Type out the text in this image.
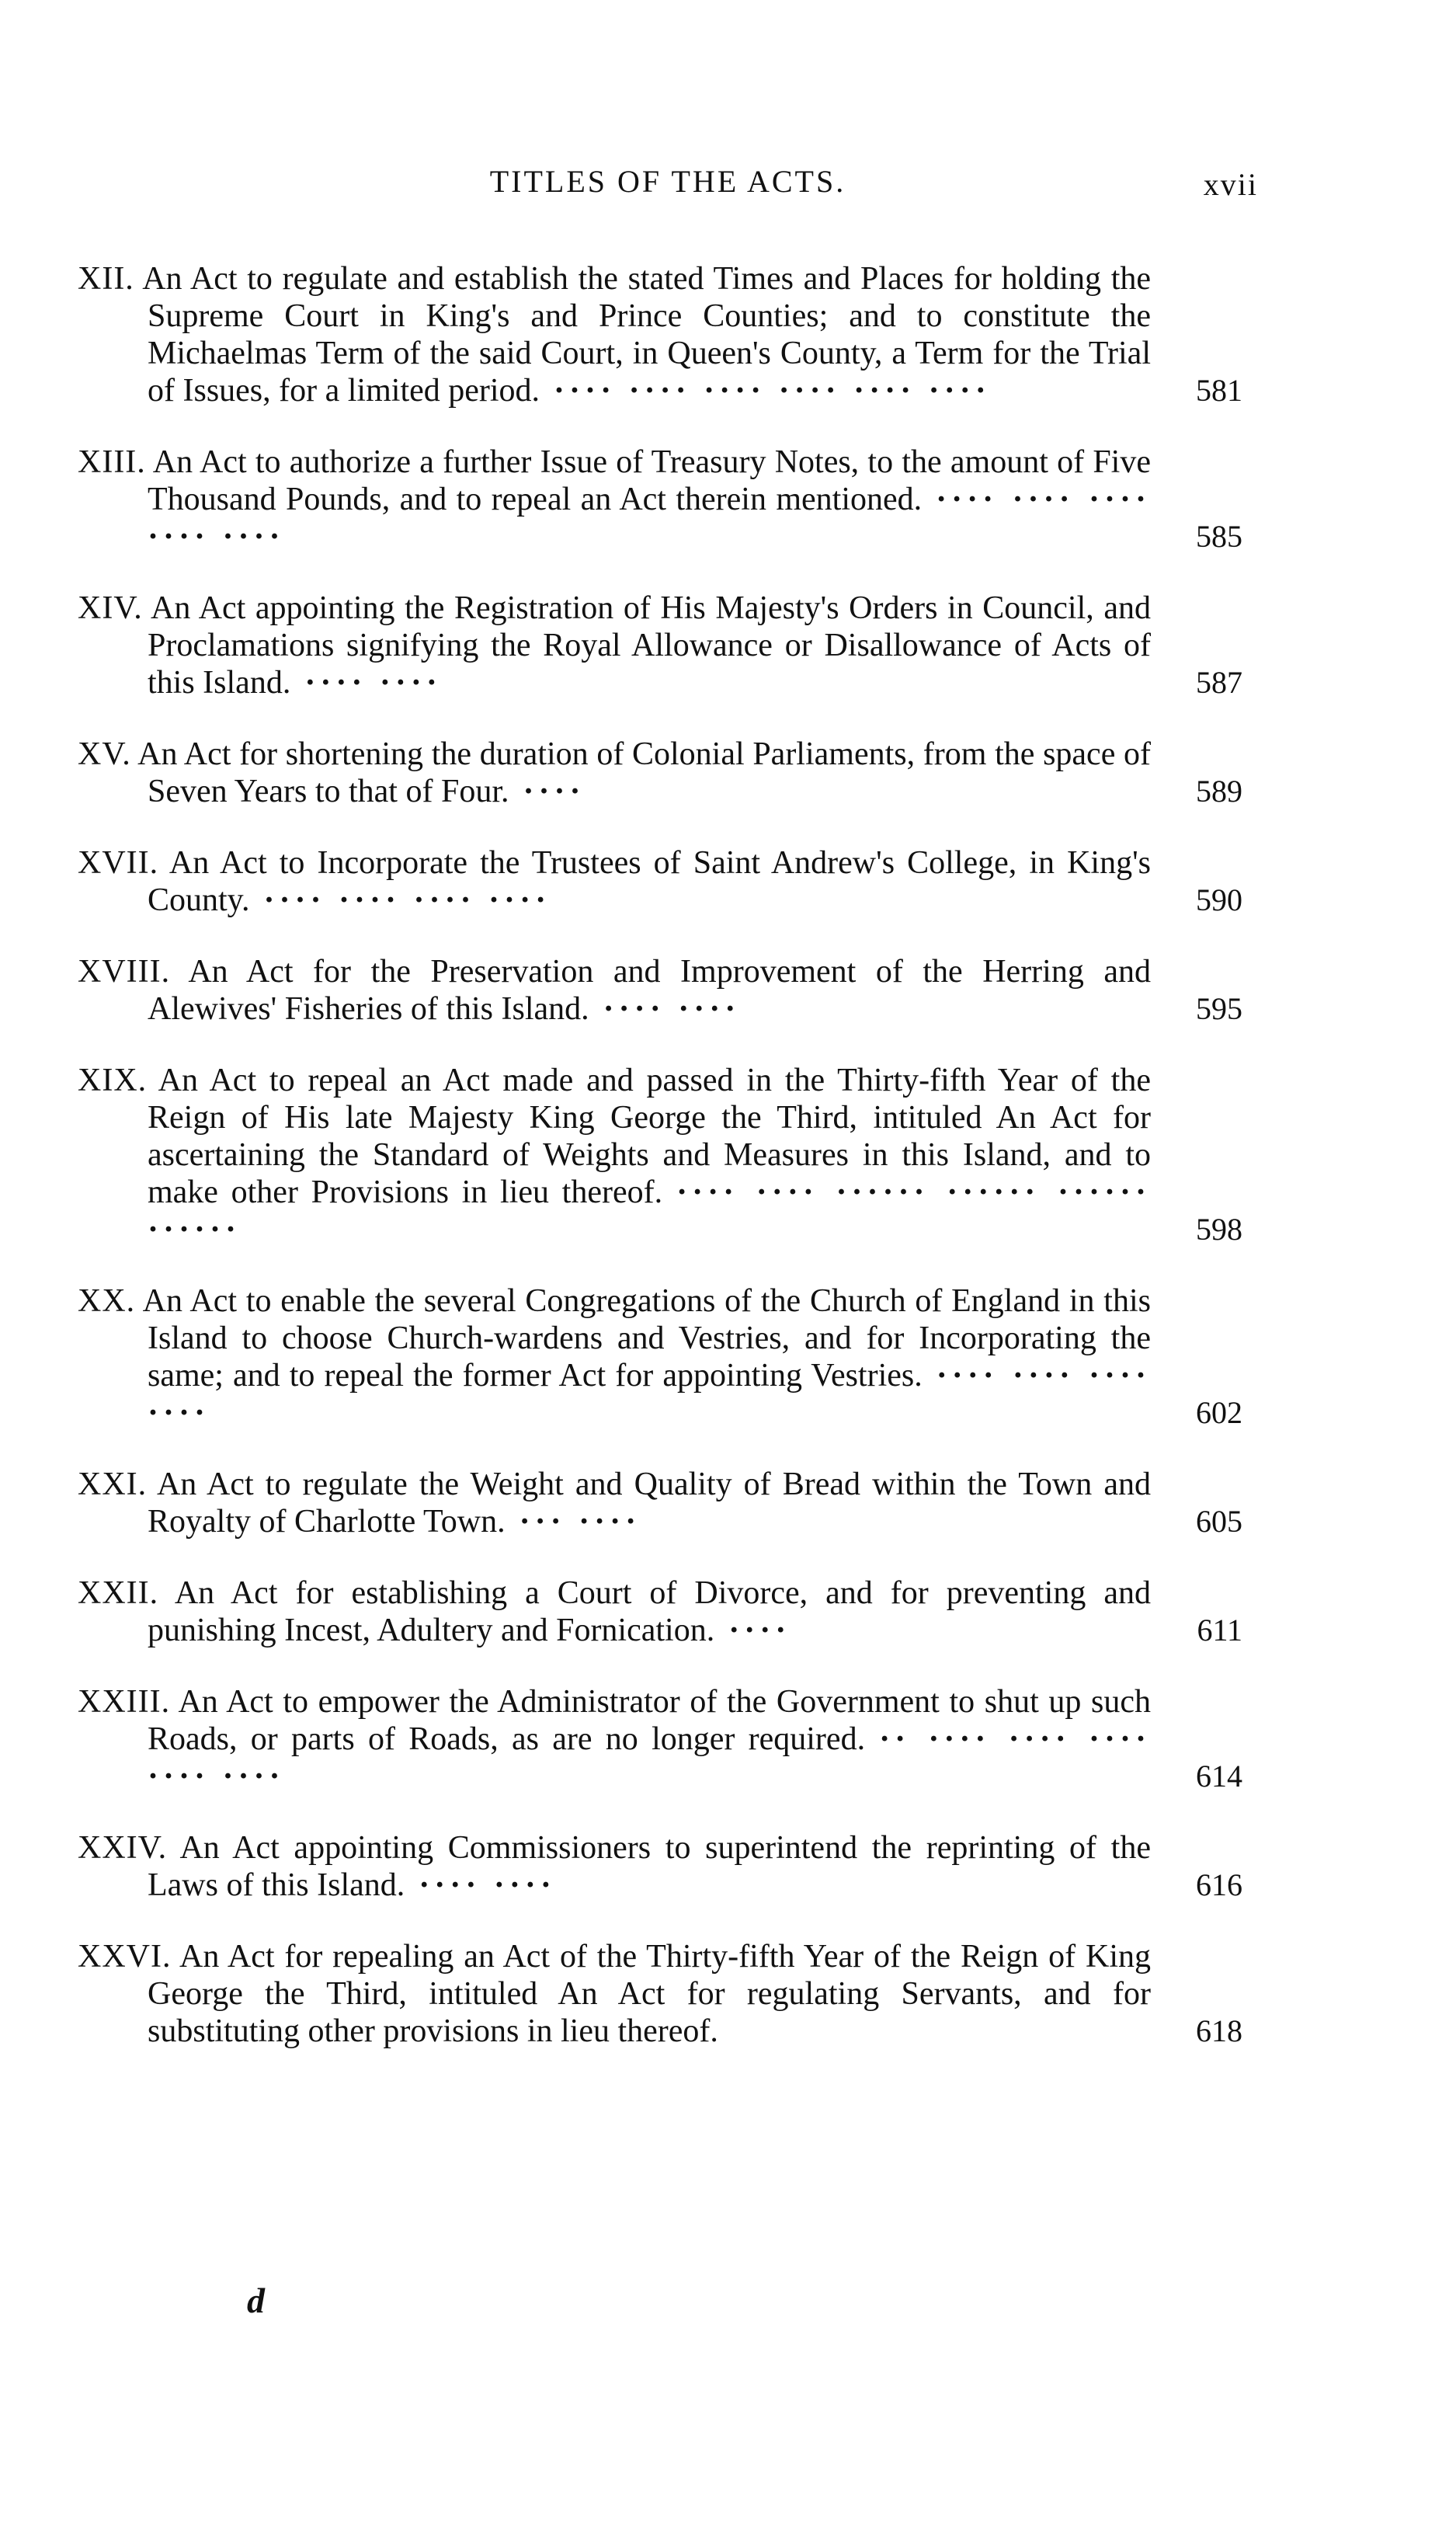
TITLES OF THE ACTS.	xvii
XII. An Act to regulate and establish the stated Times and Places for holding the Supreme Court in King's and Prince Counties; and to constitute the Michaelmas Term of the said Court, in Queen's County, a Term for the Trial of Issues, for a limited period. ···· ···· ···· ···· ···· ····	581
XIII. An Act to authorize a further Issue of Treasury Notes, to the amount of Five Thousand Pounds, and to repeal an Act therein mentioned. ···· ···· ···· ···· ····	585
XIV. An Act appointing the Registration of His Majesty's Orders in Council, and Proclamations signifying the Royal Allowance or Disallowance of Acts of this Island. ···· ····	587
XV. An Act for shortening the duration of Colonial Parliaments, from the space of Seven Years to that of Four. ····	589
XVII. An Act to Incorporate the Trustees of Saint Andrew's College, in King's County. ···· ···· ···· ····	590
XVIII. An Act for the Preservation and Improvement of the Herring and Alewives' Fisheries of this Island. ···· ····	595
XIX. An Act to repeal an Act made and passed in the Thirty-fifth Year of the Reign of His late Majesty King George the Third, intituled An Act for ascertaining the Standard of Weights and Measures in this Island, and to make other Provisions in lieu thereof. ···· ···· ······ ······ ······ ······	598
XX. An Act to enable the several Congregations of the Church of England in this Island to choose Church-wardens and Vestries, and for Incorporating the same; and to repeal the former Act for appointing Vestries. ···· ···· ···· ····	602
XXI. An Act to regulate the Weight and Quality of Bread within the Town and Royalty of Charlotte Town. ··· ····	605
XXII. An Act for establishing a Court of Divorce, and for preventing and punishing Incest, Adultery and Fornication. ····	611
XXIII. An Act to empower the Administrator of the Government to shut up such Roads, or parts of Roads, as are no longer required. ·· ···· ···· ···· ···· ····	614
XXIV. An Act appointing Commissioners to superintend the reprinting of the Laws of this Island. ···· ····	616
XXVI. An Act for repealing an Act of the Thirty-fifth Year of the Reign of King George the Third, intituled An Act for regulating Servants, and for substituting other provisions in lieu thereof.	618
d
